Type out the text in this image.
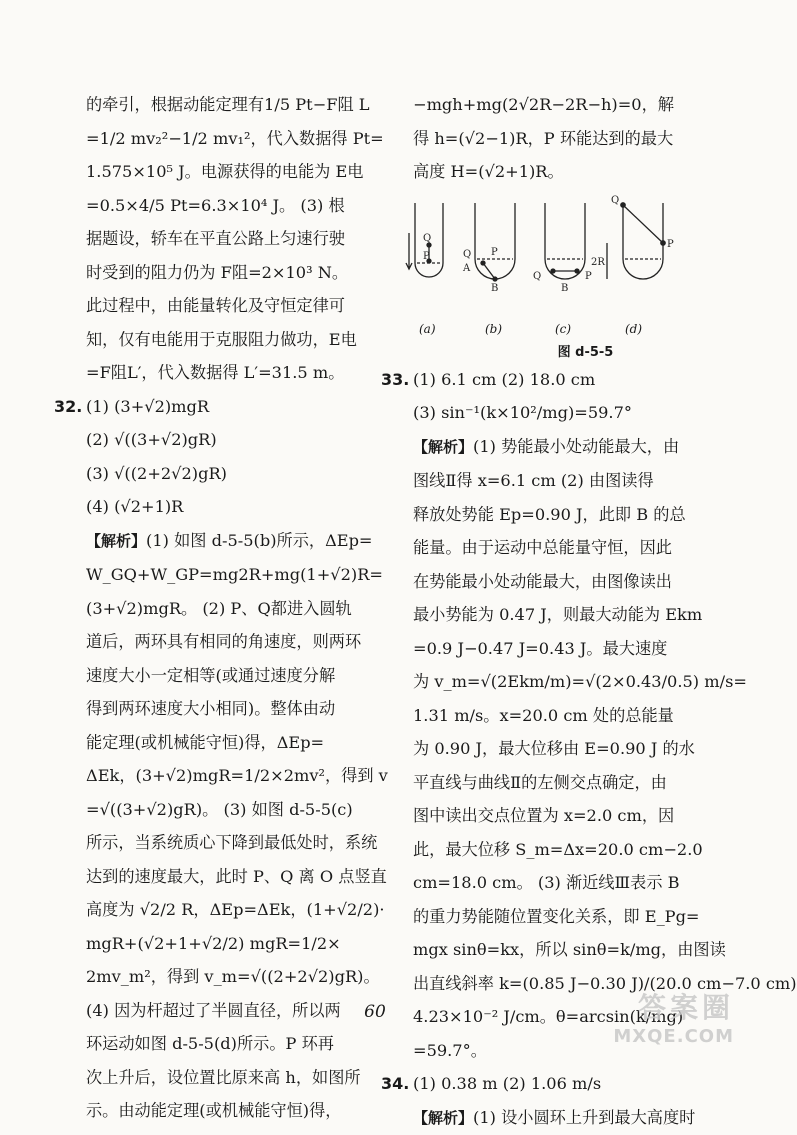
的牵引，根据动能定理有1/5 Pt−F阻 L
=1/2 mv₂²−1/2 mv₁²，代入数据得 Pt=
1.575×10⁵ J。电源获得的电能为 E电
=0.5×4/5 Pt=6.3×10⁴ J。 (3) 根
据题设，轿车在平直公路上匀速行驶
时受到的阻力仍为 F阻=2×10³ N。
此过程中，由能量转化及守恒定律可
知，仅有电能用于克服阻力做功，E电
=F阻L′，代入数据得 L′=31.5 m。
32. (1) (3+√2)mgR
(2) √((3+√2)gR)
(3) √((2+2√2)gR)
(4) (√2+1)R
【解析】(1) 如图 d-5-5(b)所示，ΔEp=
W_GQ+W_GP=mg2R+mg(1+√2)R=
(3+√2)mgR。 (2) P、Q都进入圆轨
道后，两环具有相同的角速度，则两环
速度大小一定相等(或通过速度分解
得到两环速度大小相同)。整体由动
能定理(或机械能守恒)得，ΔEp=
ΔEk，(3+√2)mgR=1/2×2mv²，得到 v
=√((3+√2)gR)。 (3) 如图 d-5-5(c)
所示，当系统质心下降到最低处时，系统
达到的速度最大，此时 P、Q 离 O 点竖直
高度为 √2/2 R，ΔEp=ΔEk，(1+√2/2)·
mgR+(√2+1+√2/2) mgR=1/2×
2mv_m²，得到 v_m=√((2+2√2)gR)。
(4) 因为杆超过了半圆直径，所以两
环运动如图 d-5-5(d)所示。P 环再
次上升后，设位置比原来高 h，如图所
示。由动能定理(或机械能守恒)得，
−mgh+mg(2√2R−2R−h)=0，解
得 h=(√2−1)R，P 环能达到的最大
高度 H=(√2+1)R。
Q
P	Q
A
B
P
Q	P
B
Q
P
2R
(a)	(b)	(c)	(d)
图 d-5-5
33. (1) 6.1 cm (2) 18.0 cm
(3) sin⁻¹(k×10²/mg)=59.7°
【解析】(1) 势能最小处动能最大，由
图线Ⅱ得 x=6.1 cm (2) 由图读得
释放处势能 Ep=0.90 J，此即 B 的总
能量。由于运动中总能量守恒，因此
在势能最小处动能最大，由图像读出
最小势能为 0.47 J，则最大动能为 Ekm
=0.9 J−0.47 J=0.43 J。最大速度
为 v_m=√(2Ekm/m)=√(2×0.43/0.5) m/s=
1.31 m/s。x=20.0 cm 处的总能量
为 0.90 J，最大位移由 E=0.90 J 的水
平直线与曲线Ⅱ的左侧交点确定，由
图中读出交点位置为 x=2.0 cm，因
此，最大位移 S_m=Δx=20.0 cm−2.0
cm=18.0 cm。 (3) 渐近线Ⅲ表示 B
的重力势能随位置变化关系，即 E_Pg=
mgx sinθ=kx，所以 sinθ=k/mg，由图读
出直线斜率 k=(0.85 J−0.30 J)/(20.0 cm−7.0 cm)
4.23×10⁻² J/cm。θ=arcsin(k/mg)
=59.7°。
34. (1) 0.38 m (2) 1.06 m/s
【解析】(1) 设小圆环上升到最大高度时
60	答案圈
MXQE.COM
